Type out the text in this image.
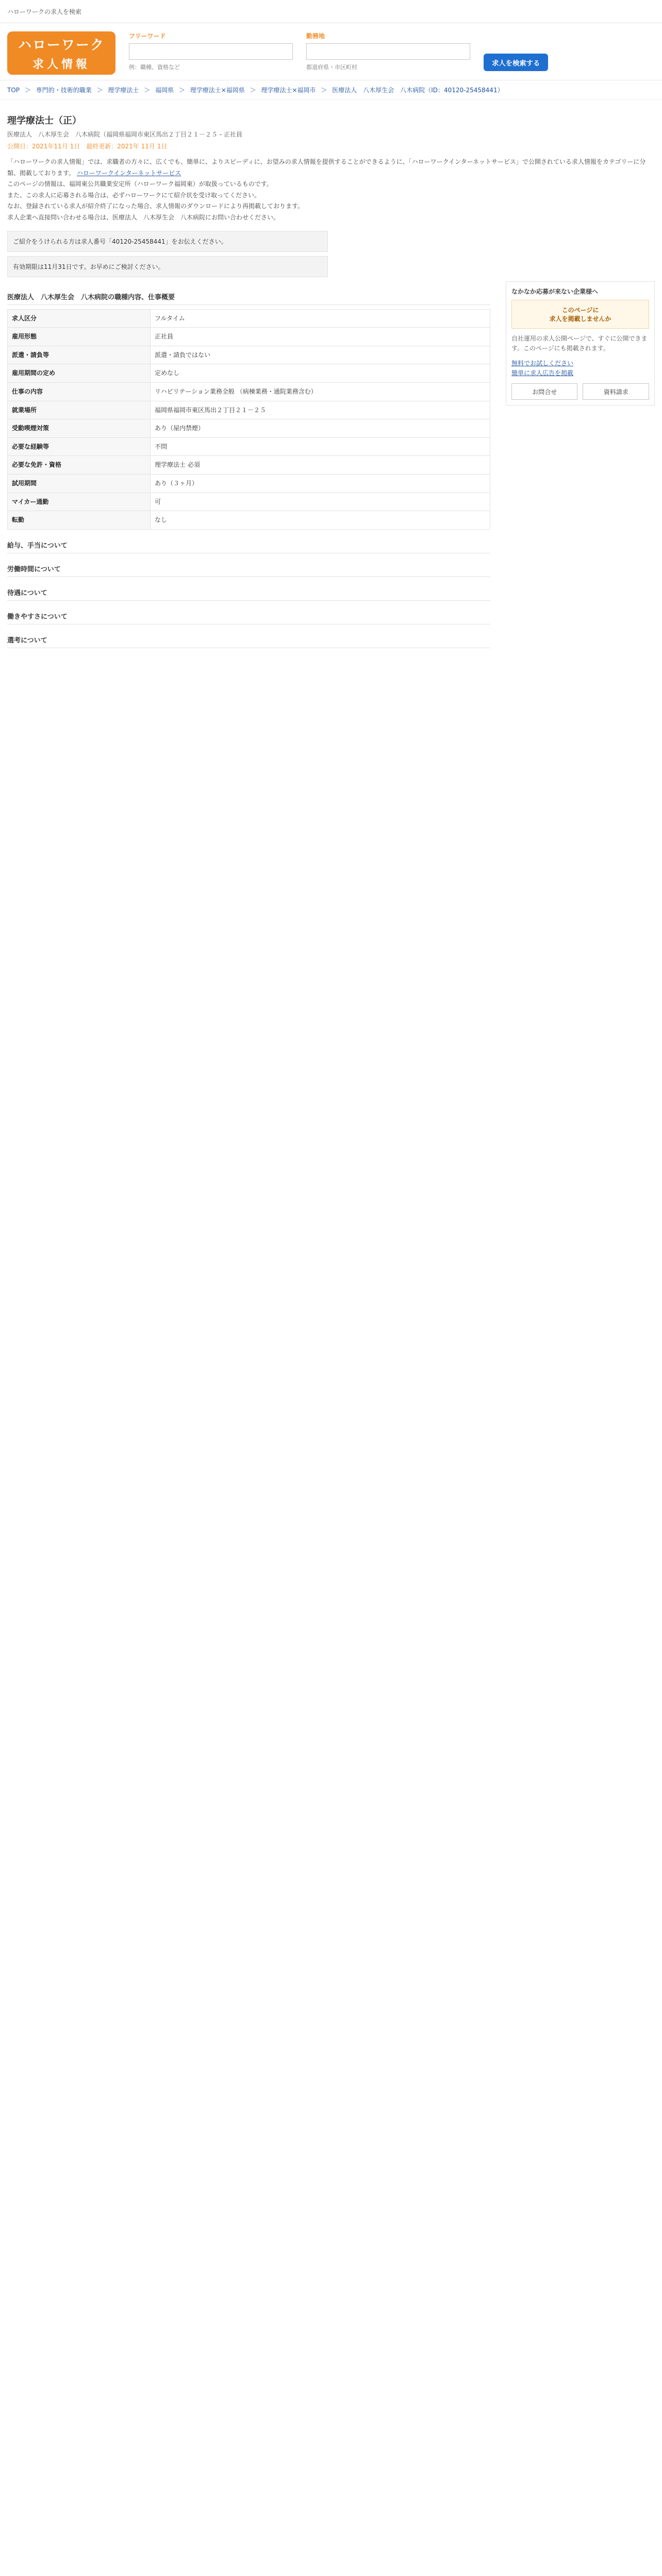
ハローワークの求人を検索
ハローワーク
求人情報
フリーワード
例：職種、資格など
勤務地
都道府県・市区町村	求人を検索する
TOP ＞ 専門的・技術的職業 ＞ 理学療法士 ＞ 福岡県 ＞ 理学療法士×福岡県 ＞ 理学療法士×福岡市 ＞ 医療法人　八木厚生会　八木病院（ID：40120-25458441）
理学療法士（正）
医療法人　八木厚生会　八木病院（福岡県福岡市東区馬出２丁目２１－２５ - 正社員
公開日：2021年11月 1日　最終更新：2021年 11月 1日
「ハローワークの求人情報」では、求職者の方々に、広くでも、簡単に、よりスピーディに、お望みの求人情報を提供することができるように、「ハローワークインターネットサービス」で公開されている求人情報をカテゴリーに分類、掲載しております。 ハローワークインターネットサービス
このページの情報は、福岡東公共職業安定所（ハローワーク福岡東）が取扱っているものです。
また、この求人に応募される場合は、必ずハローワークにて紹介状を受け取ってください。
なお、登録されている求人が紹介終了になった場合、求人情報のダウンロードにより再掲載しております。
求人企業へ直接問い合わせる場合は、医療法人　八木厚生会　八木病院にお問い合わせください。
ご紹介をうけられる方は求人番号「40120-25458441」をお伝えください。
有効期限は11月31日です。お早めにご検討ください。
医療法人　八木厚生会　八木病院の職種内容、仕事概要
求人区分	フルタイム
雇用形態	正社員
派遣・請負等	派遣・請負ではない
雇用期間の定め	定めなし
仕事の内容	リハビリテーション業務全般 （病棟業務・通院業務含む）
就業場所	福岡県福岡市東区馬出２丁目２１－２５
受動喫煙対策	あり（屋内禁煙）
必要な経験等	不問
必要な免許・資格	理学療法士 必須
試用期間	あり（３ヶ月）
マイカー通勤	可
転勤	なし
給与、手当について
労働時間について
待遇について
働きやすさについて
選考について
なかなか応募が来ない企業様へ
このページに
求人を掲載しませんか
自社運用の求人公開ページで、すぐに公開できます。このページにも掲載されます。
無料でお試しください
簡単に求人広告を掲載
お問合せ	資料請求
